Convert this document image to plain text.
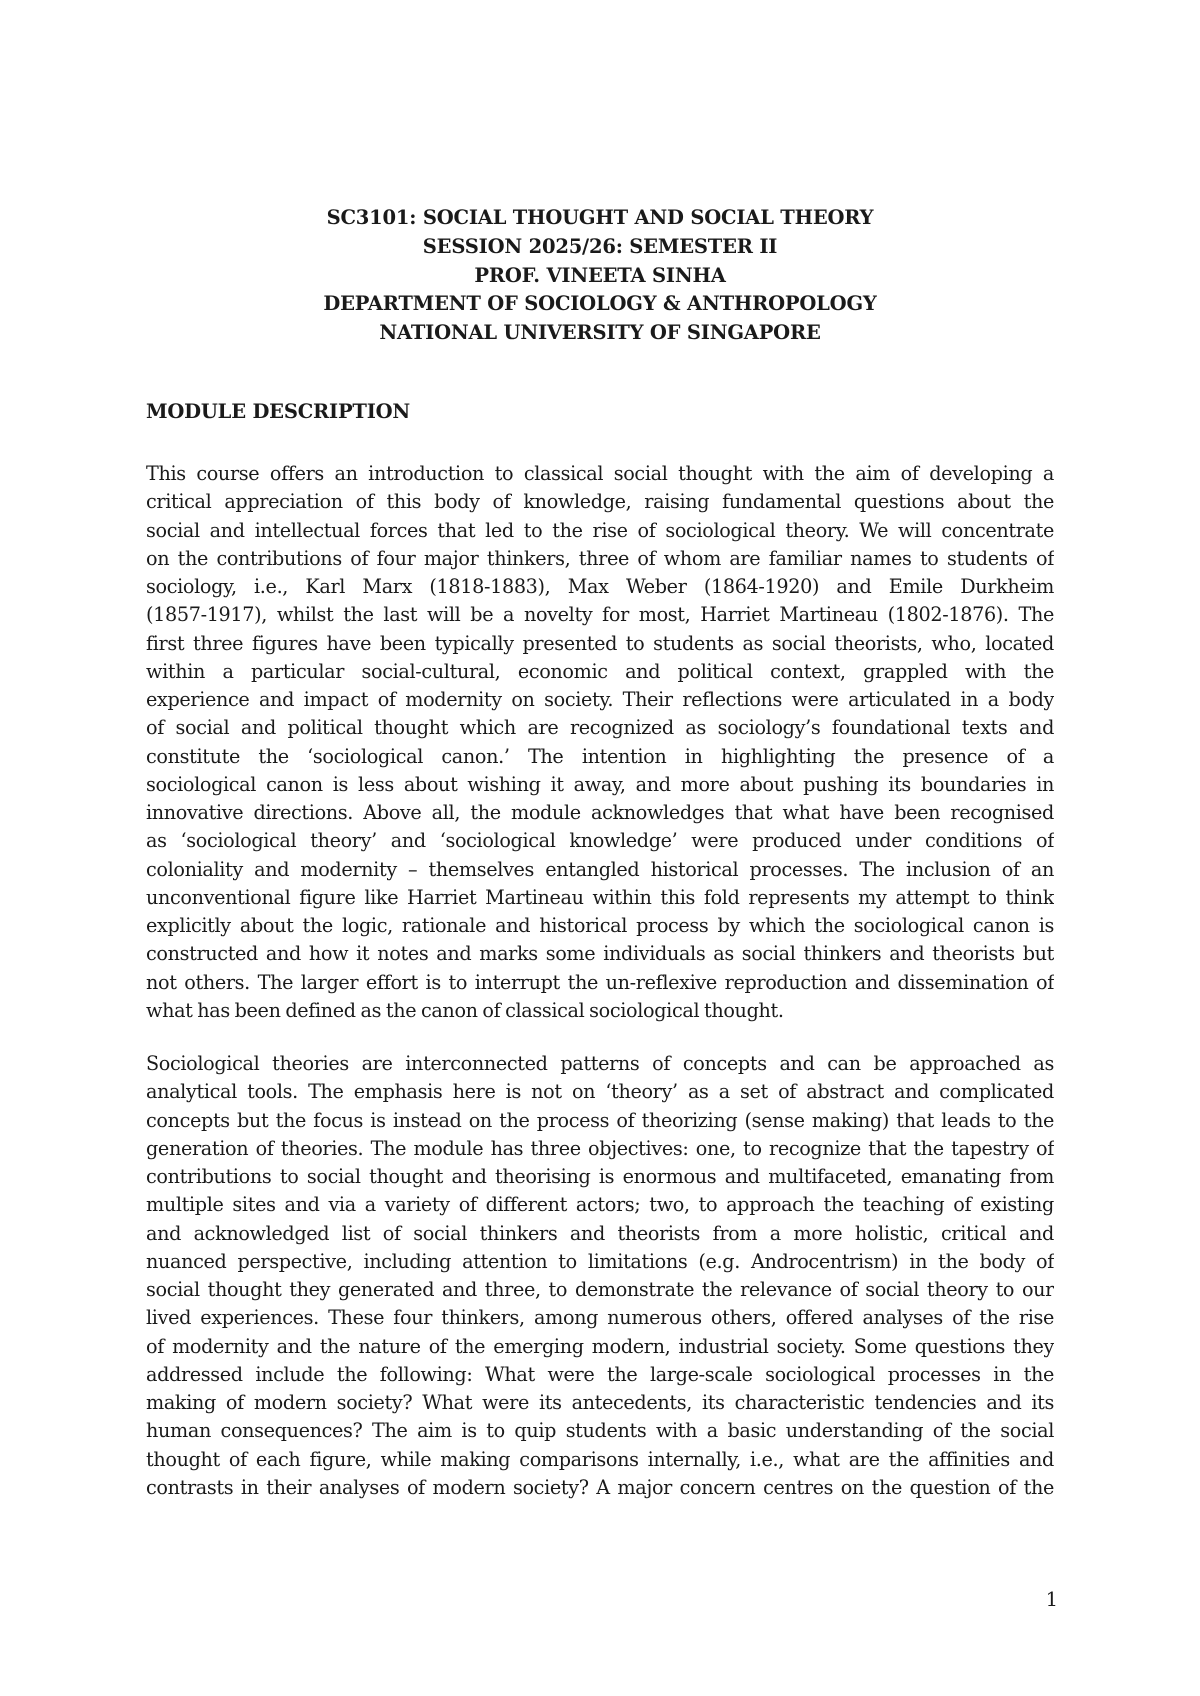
SC3101: SOCIAL THOUGHT AND SOCIAL THEORY
SESSION 2025/26: SEMESTER II
PROF. VINEETA SINHA
DEPARTMENT OF SOCIOLOGY & ANTHROPOLOGY
NATIONAL UNIVERSITY OF SINGAPORE
MODULE DESCRIPTION
This course offers an introduction to classical social thought with the aim of developing a
critical appreciation of this body of knowledge, raising fundamental questions about the
social and intellectual forces that led to the rise of sociological theory. We will concentrate
on the contributions of four major thinkers, three of whom are familiar names to students of
sociology, i.e., Karl Marx (1818-1883), Max Weber (1864-1920) and Emile Durkheim
(1857-1917), whilst the last will be a novelty for most, Harriet Martineau (1802-1876). The
first three figures have been typically presented to students as social theorists, who, located
within a particular social-cultural, economic and political context, grappled with the
experience and impact of modernity on society. Their reflections were articulated in a body
of social and political thought which are recognized as sociology’s foundational texts and
constitute the ‘sociological canon.’ The intention in highlighting the presence of a
sociological canon is less about wishing it away, and more about pushing its boundaries in
innovative directions. Above all, the module acknowledges that what have been recognised
as ‘sociological theory’ and ‘sociological knowledge’ were produced under conditions of
coloniality and modernity – themselves entangled historical processes. The inclusion of an
unconventional figure like Harriet Martineau within this fold represents my attempt to think
explicitly about the logic, rationale and historical process by which the sociological canon is
constructed and how it notes and marks some individuals as social thinkers and theorists but
not others. The larger effort is to interrupt the un-reflexive reproduction and dissemination of
what has been defined as the canon of classical sociological thought.
Sociological theories are interconnected patterns of concepts and can be approached as
analytical tools. The emphasis here is not on ‘theory’ as a set of abstract and complicated
concepts but the focus is instead on the process of theorizing (sense making) that leads to the
generation of theories. The module has three objectives: one, to recognize that the tapestry of
contributions to social thought and theorising is enormous and multifaceted, emanating from
multiple sites and via a variety of different actors; two, to approach the teaching of existing
and acknowledged list of social thinkers and theorists from a more holistic, critical and
nuanced perspective, including attention to limitations (e.g. Androcentrism) in the body of
social thought they generated and three, to demonstrate the relevance of social theory to our
lived experiences. These four thinkers, among numerous others, offered analyses of the rise
of modernity and the nature of the emerging modern, industrial society. Some questions they
addressed include the following: What were the large-scale sociological processes in the
making of modern society? What were its antecedents, its characteristic tendencies and its
human consequences? The aim is to quip students with a basic understanding of the social
thought of each figure, while making comparisons internally, i.e., what are the affinities and
contrasts in their analyses of modern society? A major concern centres on the question of the
1
